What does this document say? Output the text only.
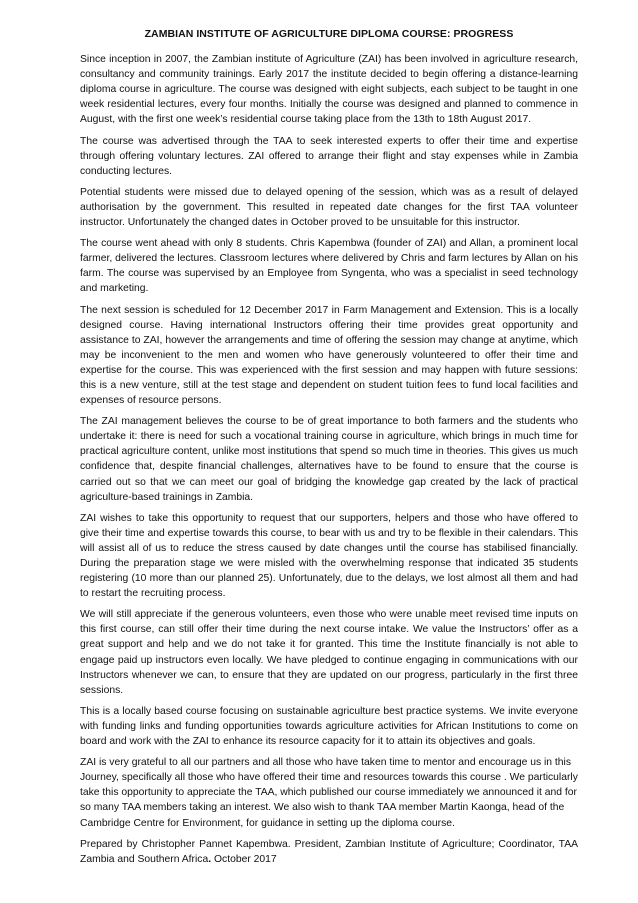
ZAMBIAN INSTITUTE OF AGRICULTURE DIPLOMA COURSE: PROGRESS

Since inception in 2007, the Zambian institute of Agriculture (ZAI) has been involved in agriculture research, consultancy and community trainings. Early 2017 the institute decided to begin offering a distance-learning diploma course in agriculture. The course was designed with eight subjects, each subject to be taught in one week residential lectures, every four months. Initially the course was designed and planned to commence in August, with the first one week’s residential course taking place from the 13th to 18th August 2017.

The course was advertised through the TAA to seek interested experts to offer their time and expertise through offering voluntary lectures. ZAI offered to arrange their flight and stay expenses while in Zambia conducting lectures.

Potential students were missed due to delayed opening of the session, which was as a result of delayed authorisation by the government. This resulted in repeated date changes for the first TAA volunteer instructor. Unfortunately the changed dates in October proved to be unsuitable for this instructor.

The course went ahead with only 8 students. Chris Kapembwa (founder of ZAI) and Allan, a prominent local farmer, delivered the lectures. Classroom lectures where delivered by Chris and farm lectures by Allan on his farm. The course was supervised by an Employee from Syngenta, who was a specialist in seed technology and marketing.

The next session is scheduled for 12 December 2017 in Farm Management and Extension. This is a locally designed course. Having international Instructors offering their time provides great opportunity and assistance to ZAI, however the arrangements and time of offering the session may change at anytime, which may be inconvenient to the men and women who have generously volunteered to offer their time and expertise for the course. This was experienced with the first session and may happen with future sessions: this is a new venture, still at the test stage and dependent on student tuition fees to fund local facilities and expenses of resource persons.

The ZAI management believes the course to be of great importance to both farmers and the students who undertake it: there is need for such a vocational training course in agriculture, which brings in much time for practical agriculture content, unlike most institutions that spend so much time in theories. This gives us much confidence that, despite financial challenges, alternatives have to be found to ensure that the course is carried out so that we can meet our goal of bridging the knowledge gap created by the lack of practical agriculture-based trainings in Zambia.

ZAI wishes to take this opportunity to request that our supporters, helpers and those who have offered to give their time and expertise towards this course, to bear with us and try to be flexible in their calendars. This will assist all of us to reduce the stress caused by date changes until the course has stabilised financially. During the preparation stage we were misled with the overwhelming response that indicated 35 students registering (10 more than our planned 25). Unfortunately, due to the delays, we lost almost all them and had to restart the recruiting process.

We will still appreciate if the generous volunteers, even those who were unable meet revised time inputs on this first course, can still offer their time during the next course intake. We value the Instructors’ offer as a great support and help and we do not take it for granted. This time the Institute financially is not able to engage paid up instructors even locally. We have pledged to continue engaging in communications with our Instructors whenever we can, to ensure that they are updated on our progress, particularly in the first three sessions.

This is a locally based course focusing on sustainable agriculture best practice systems. We invite everyone with funding links and funding opportunities towards agriculture activities for African Institutions to come on board and work with the ZAI to enhance its resource capacity for it to attain its objectives and goals.

ZAI is very grateful to all our partners and all those who have taken time to mentor and encourage us in this Journey, specifically all those who have offered their time and resources towards this course . We particularly take this opportunity to appreciate the TAA, which published our course immediately we announced it and for so many TAA members taking an interest. We also wish to thank TAA member Martin Kaonga, head of the Cambridge Centre for Environment, for guidance in setting up the diploma course.

Prepared by Christopher Pannet Kapembwa. President, Zambian Institute of Agriculture; Coordinator, TAA Zambia and Southern Africa. October 2017
